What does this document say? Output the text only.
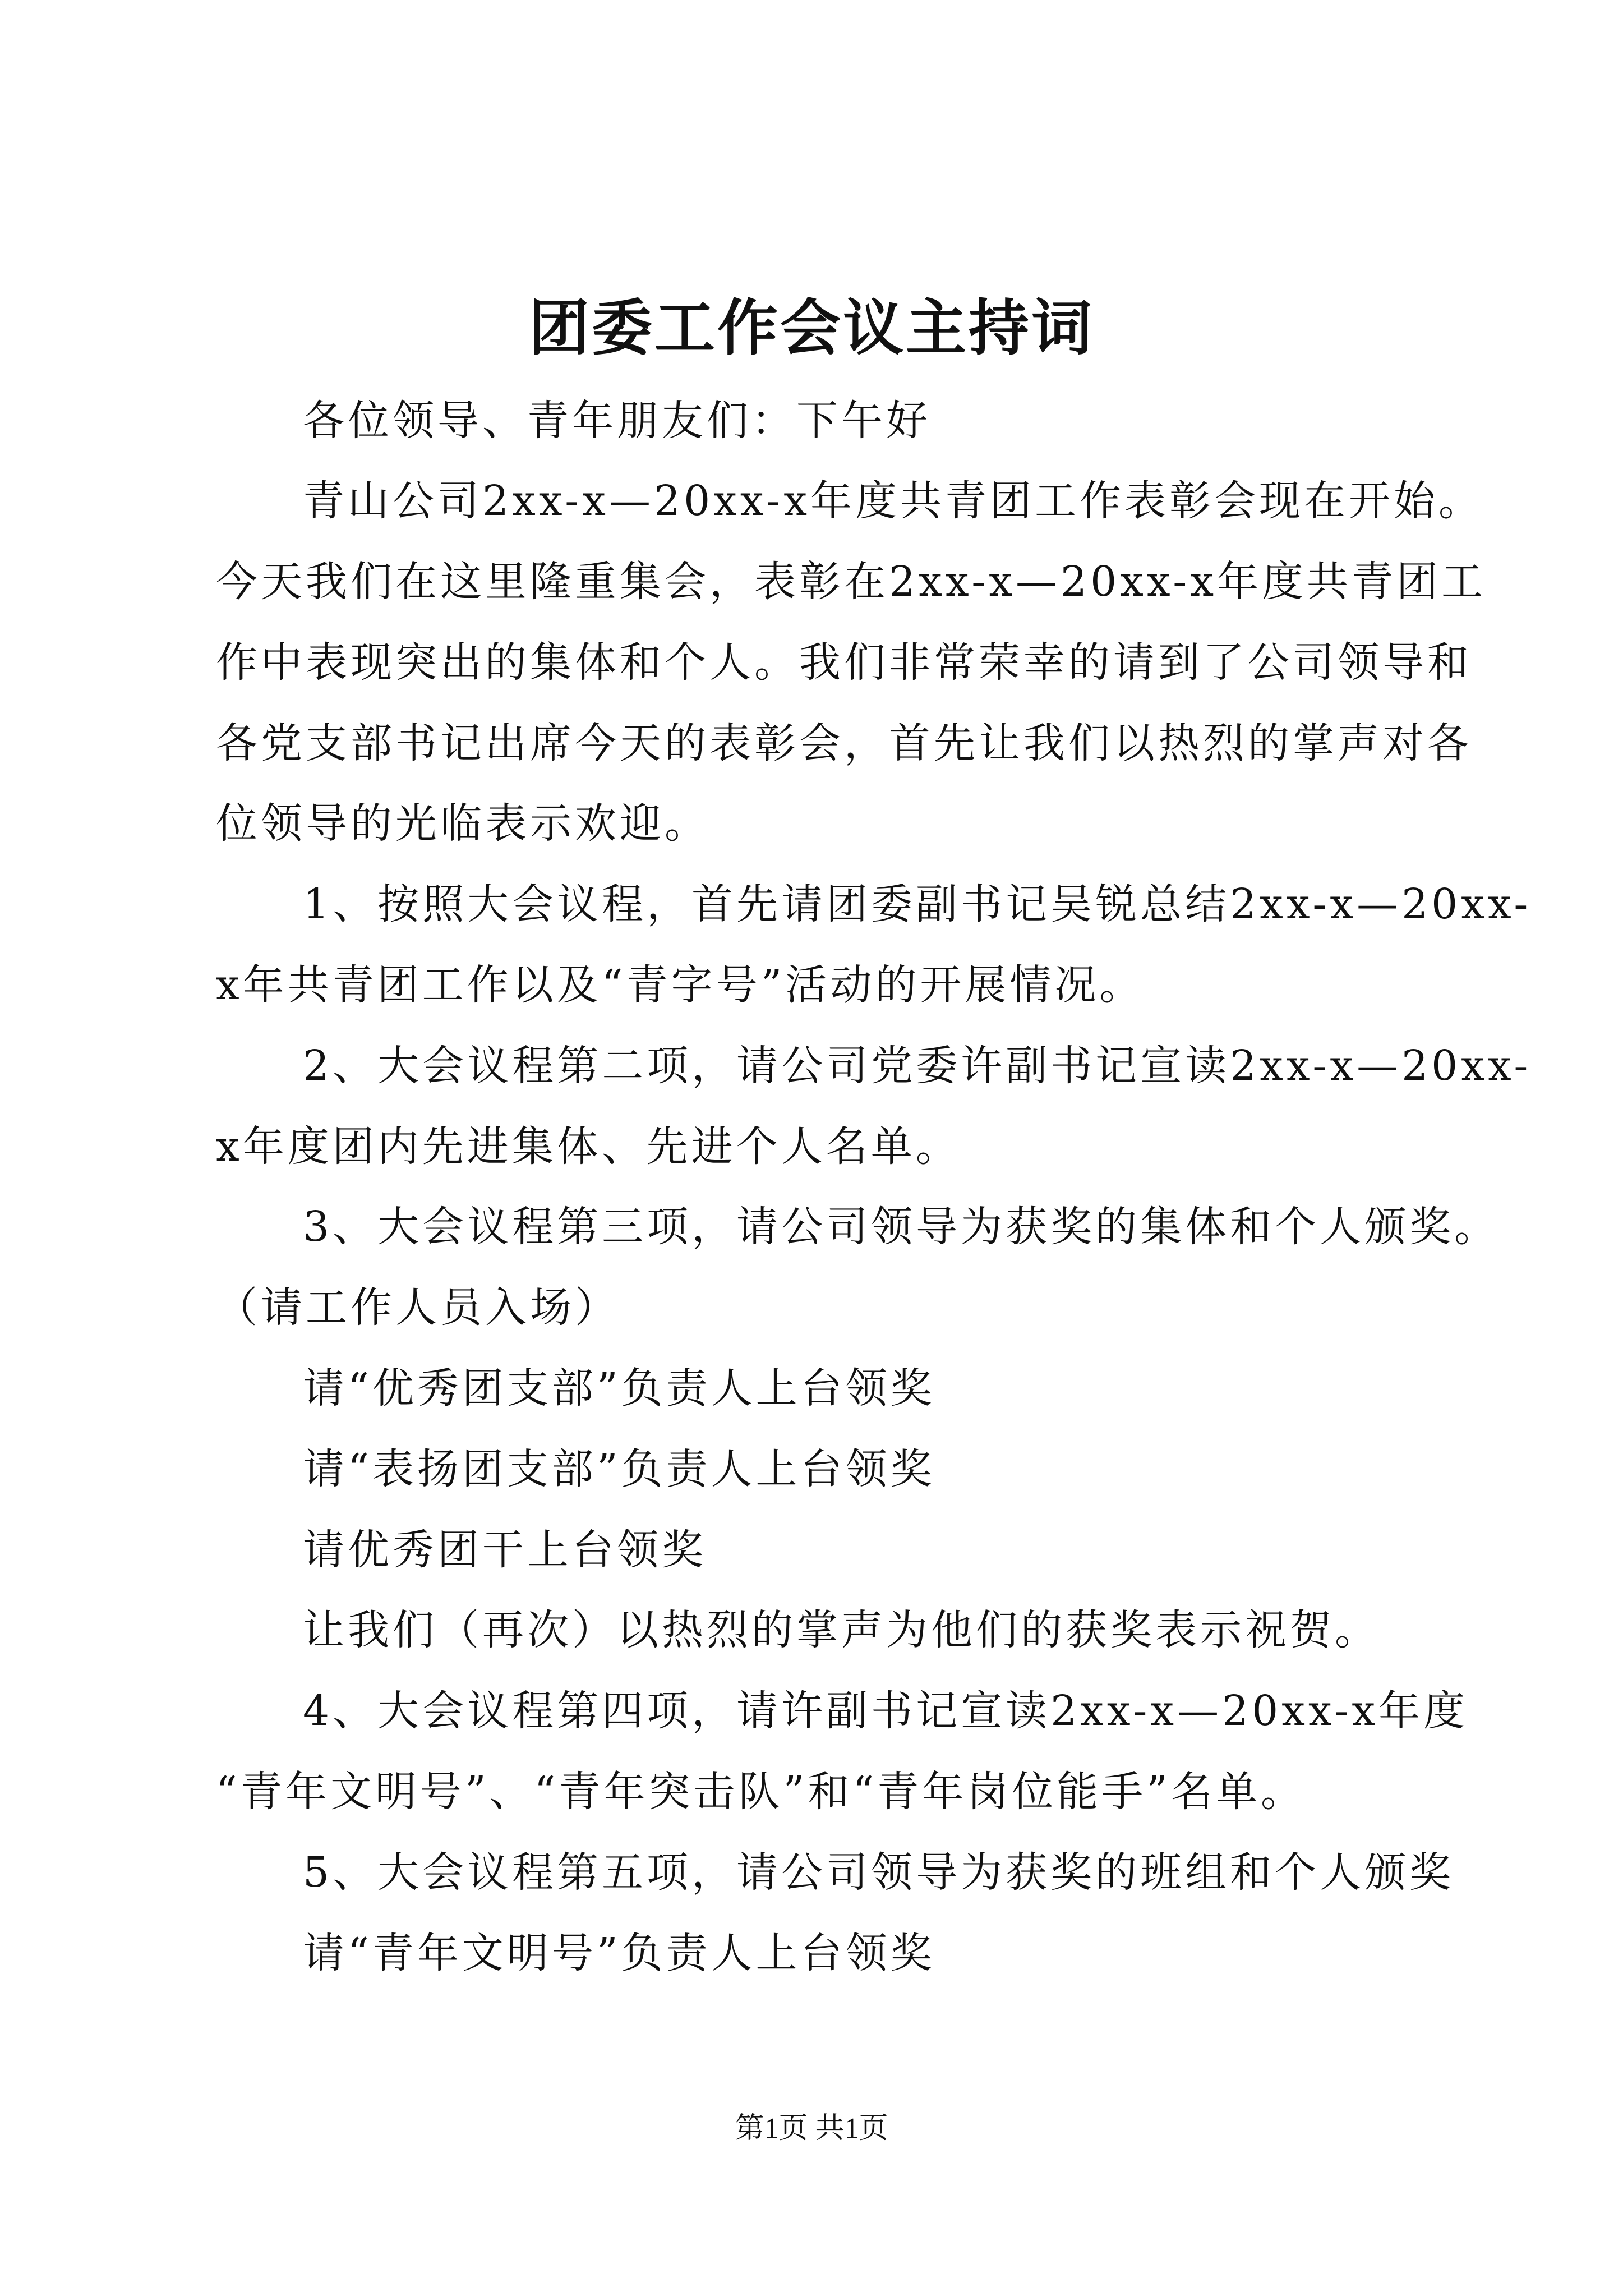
团委工作会议主持词
各位领导、青年朋友们：下午好
青山公司2xx-x—20xx-x年度共青团工作表彰会现在开始。
今天我们在这里隆重集会，表彰在2xx-x—20xx-x年度共青团工
作中表现突出的集体和个人。我们非常荣幸的请到了公司领导和
各党支部书记出席今天的表彰会，首先让我们以热烈的掌声对各
位领导的光临表示欢迎。
1、按照大会议程，首先请团委副书记吴锐总结2xx-x—20xx-
x年共青团工作以及“青字号”活动的开展情况。
2、大会议程第二项，请公司党委许副书记宣读2xx-x—20xx-
x年度团内先进集体、先进个人名单。
3、大会议程第三项，请公司领导为获奖的集体和个人颁奖。
（请工作人员入场）
请“优秀团支部”负责人上台领奖
请“表扬团支部”负责人上台领奖
请优秀团干上台领奖
让我们（再次）以热烈的掌声为他们的获奖表示祝贺。
4、大会议程第四项，请许副书记宣读2xx-x—20xx-x年度
“青年文明号”、“青年突击队”和“青年岗位能手”名单。
5、大会议程第五项，请公司领导为获奖的班组和个人颁奖
请“青年文明号”负责人上台领奖
第1页 共1页
